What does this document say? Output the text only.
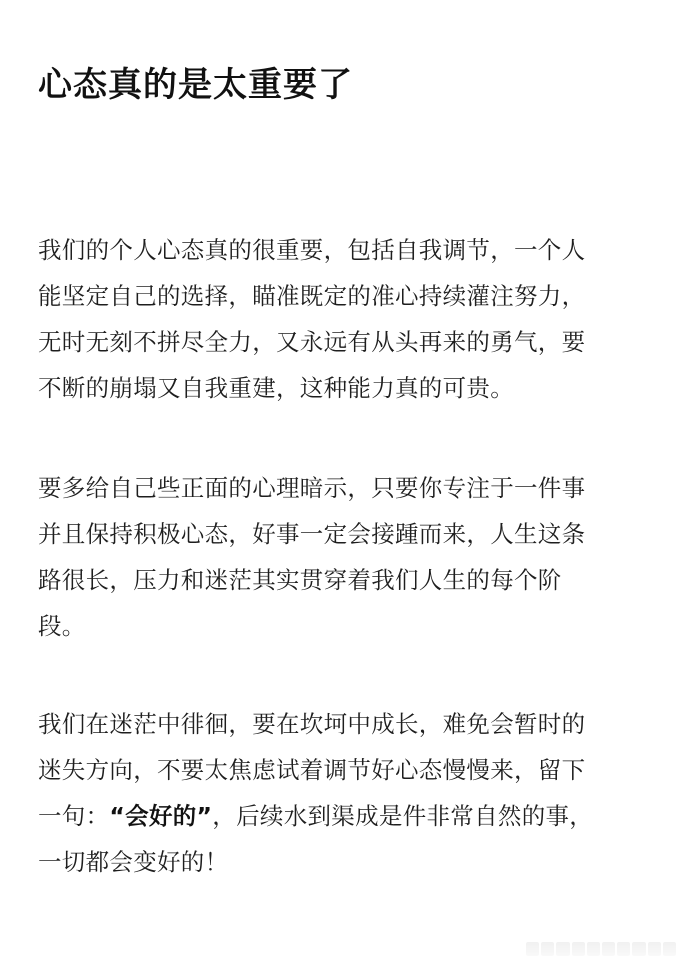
心态真的是太重要了
我们的个人心态真的很重要，包括自我调节，一个人
能坚定自己的选择，瞄准既定的准心持续灌注努力，
无时无刻不拼尽全力，又永远有从头再来的勇气，要
不断的崩塌又自我重建，这种能力真的可贵。
要多给自己些正面的心理暗示，只要你专注于一件事
并且保持积极心态，好事一定会接踵而来，人生这条
路很长，压力和迷茫其实贯穿着我们人生的每个阶
段。
我们在迷茫中徘徊，要在坎坷中成长，难免会暂时的
迷失方向，不要太焦虑试着调节好心态慢慢来，留下
一句：“会好的”，后续水到渠成是件非常自然的事，
一切都会变好的！
